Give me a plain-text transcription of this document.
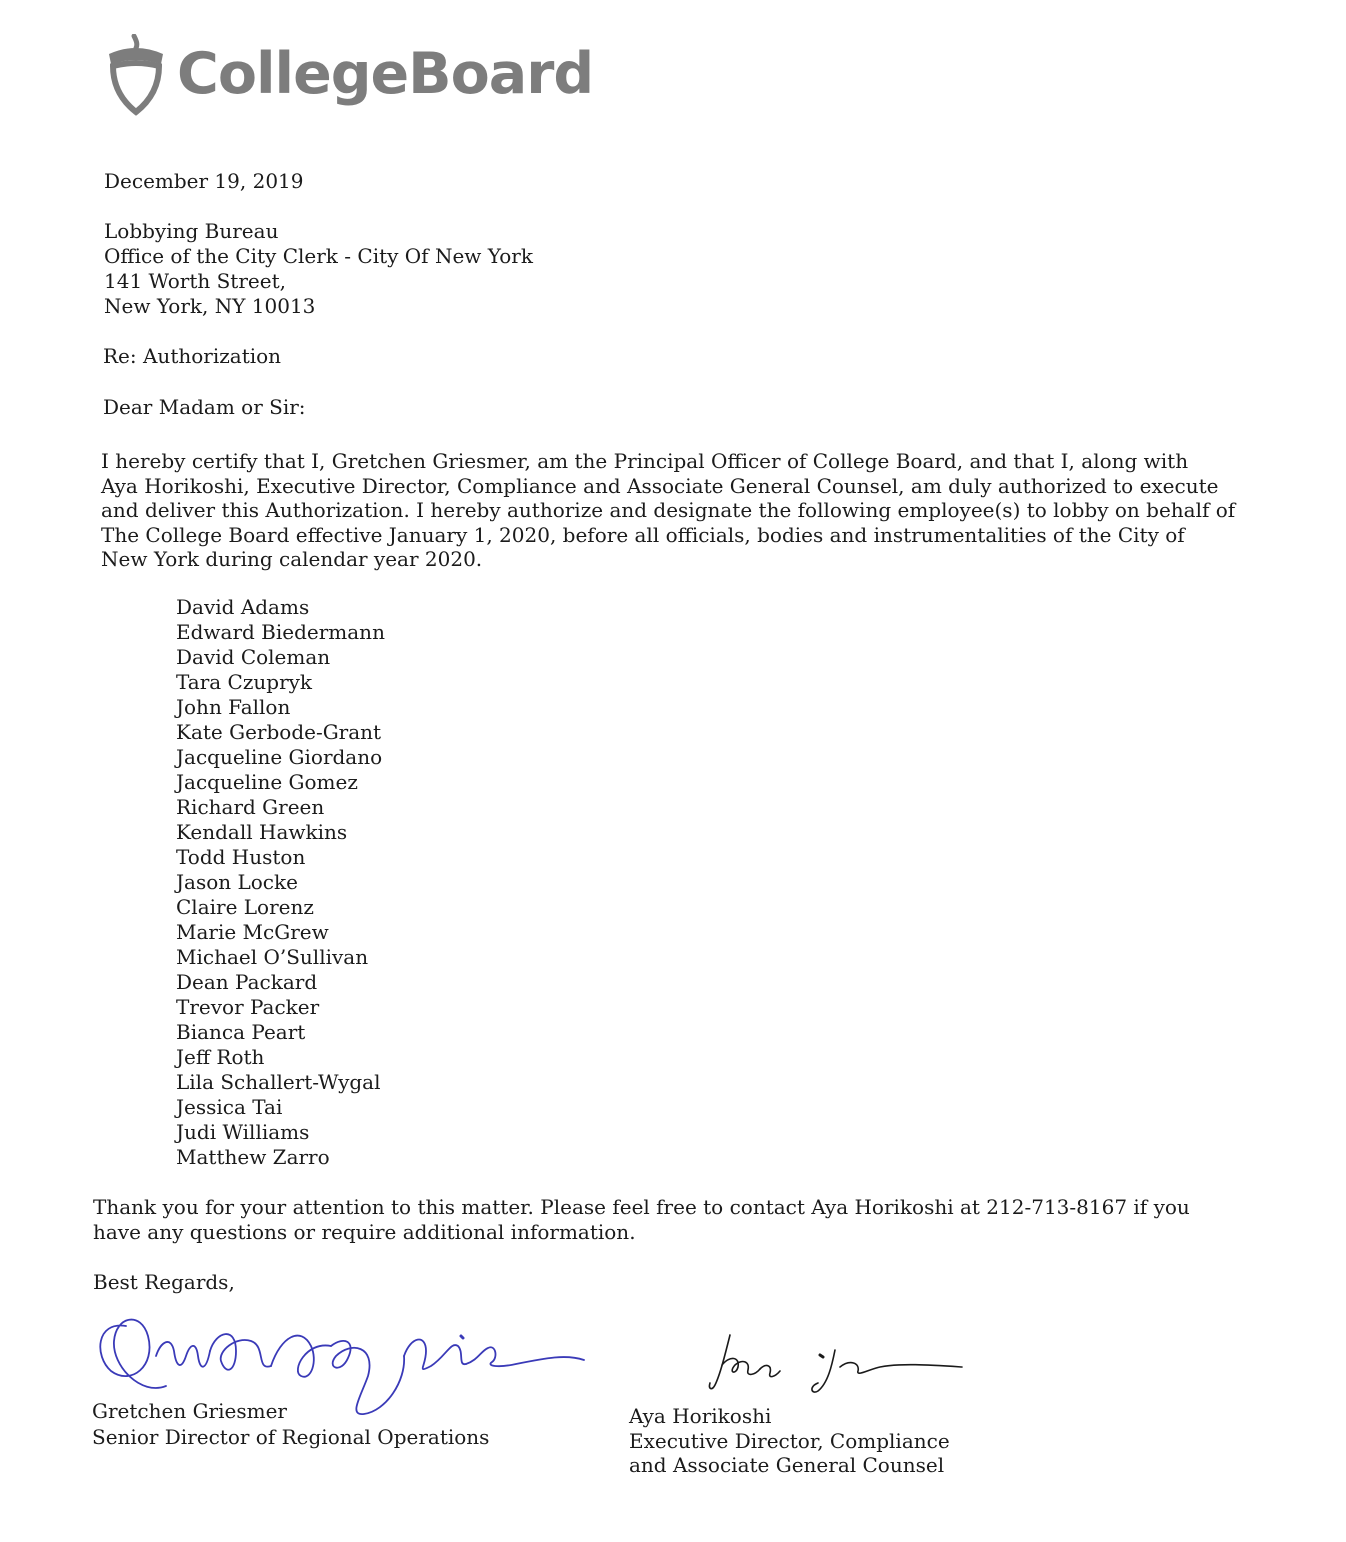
CollegeBoard
December 19, 2019
Lobbying Bureau
Office of the City Clerk - City Of New York
141 Worth Street,
New York, NY 10013
Re: Authorization
Dear Madam or Sir:
I hereby certify that I, Gretchen Griesmer, am the Principal Officer of College Board, and that I, along with
Aya Horikoshi, Executive Director, Compliance and Associate General Counsel, am duly authorized to execute
and deliver this Authorization. I hereby authorize and designate the following employee(s) to lobby on behalf of
The College Board effective January 1, 2020, before all officials, bodies and instrumentalities of the City of
New York during calendar year 2020.
David Adams
Edward Biedermann
David Coleman
Tara Czupryk
John Fallon
Kate Gerbode-Grant
Jacqueline Giordano
Jacqueline Gomez
Richard Green
Kendall Hawkins
Todd Huston
Jason Locke
Claire Lorenz
Marie McGrew
Michael O’Sullivan
Dean Packard
Trevor Packer
Bianca Peart
Jeff Roth
Lila Schallert-Wygal
Jessica Tai
Judi Williams
Matthew Zarro
Thank you for your attention to this matter. Please feel free to contact Aya Horikoshi at 212-713-8167 if you
have any questions or require additional information.
Best Regards,
Gretchen Griesmer
Senior Director of Regional Operations
Aya Horikoshi
Executive Director, Compliance
and Associate General Counsel
